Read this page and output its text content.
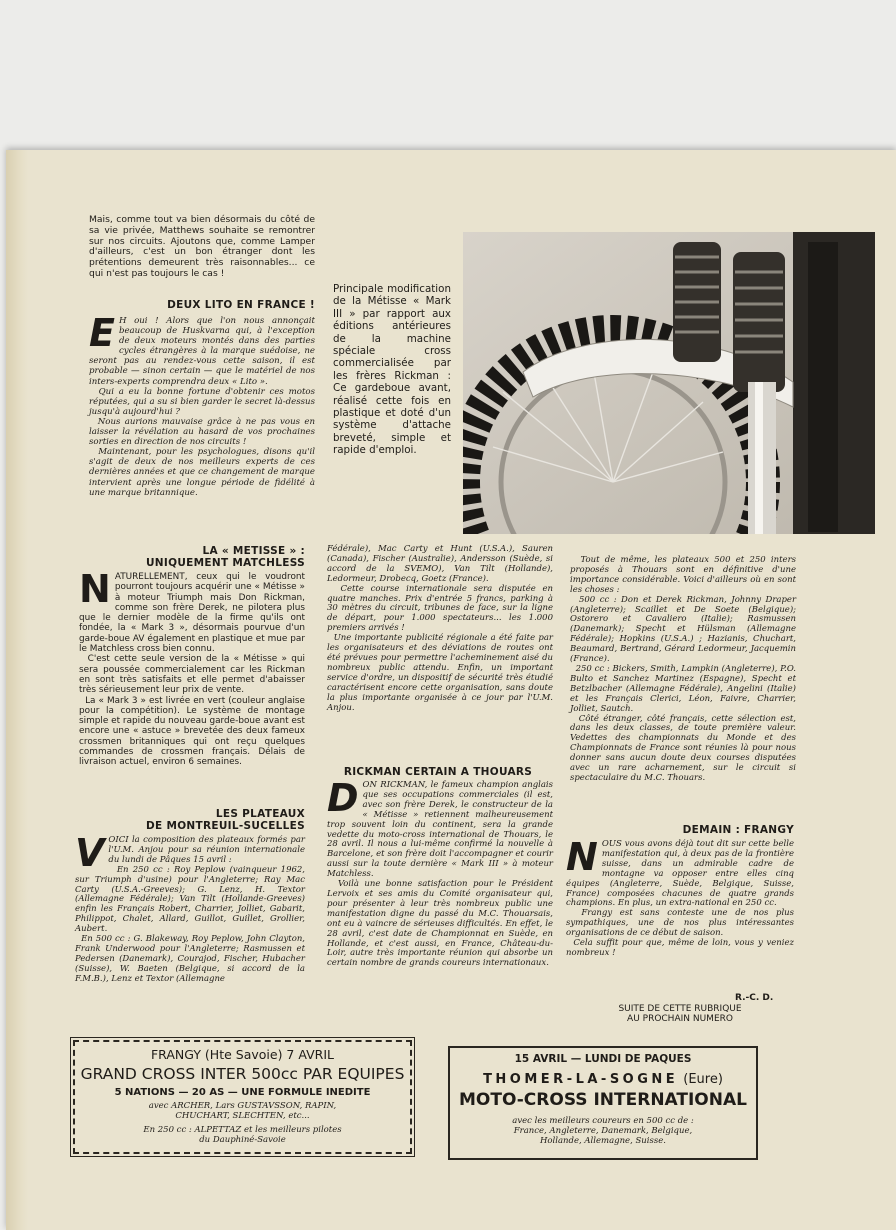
Mais, comme tout va bien désormais du côté de sa vie privée, Matthews souhaite se remontrer sur nos circuits. Ajoutons que, comme Lamper d'ailleurs, c'est un bon étranger dont les prétentions demeurent très raisonnables... ce qui n'est pas toujours le cas !
DEUX LITO EN FRANCE !
E H oui ! Alors que l'on nous annonçait beaucoup de Huskvarna qui, à l'exception de deux moteurs montés dans des parties cycles étrangères à la marque suédoise, ne seront pas au rendez-vous cette saison, il est probable — sinon certain — que le matériel de nos inters-experts comprendra deux « Lito ».
Qui a eu la bonne fortune d'obtenir ces motos réputées, qui a su si bien garder le secret là-dessus jusqu'à aujourd'hui ?
Nous aurions mauvaise grâce à ne pas vous en laisser la révélation au hasard de vos prochaines sorties en direction de nos circuits !
Maintenant, pour les psychologues, disons qu'il s'agit de deux de nos meilleurs experts de ces dernières années et que ce changement de marque intervient après une longue période de fidélité à une marque britannique.
Principale modification de la Métisse « Mark III » par rapport aux éditions antérieures de la machine spéciale cross commercialisée par les frères Rickman : Ce gardeboue avant, réalisé cette fois en plastique et doté d'un système d'attache breveté, simple et rapide d'emploi.
LA « METISSE » :
UNIQUEMENT MATCHLESS
N ATURELLEMENT, ceux qui le voudront pourront toujours acquérir une « Métisse » à moteur Triumph mais Don Rickman, comme son frère Derek, ne pilotera plus que le dernier modèle de la firme qu'ils ont fondée, la « Mark 3 », désormais pourvue d'un garde-boue AV également en plastique et mue par le Matchless cross bien connu.
C'est cette seule version de la « Métisse » qui sera poussée commercialement car les Rickman en sont très satisfaits et elle permet d'abaisser très sérieusement leur prix de vente.
La « Mark 3 » est livrée en vert (couleur anglaise pour la compétition). Le système de montage simple et rapide du nouveau garde-boue avant est encore une « astuce » brevetée des deux fameux crossmen britanniques qui ont reçu quelques commandes de crossmen français. Délais de livraison actuel, environ 6 semaines.
LES PLATEAUX
DE MONTREUIL-SUCELLES
V OICI la composition des plateaux formés par l'U.M. Anjou pour sa réunion internationale du lundi de Pâques 15 avril :
En 250 cc : Roy Peplow (vainqueur 1962, sur Triumph d'usine) pour l'Angleterre; Ray Mac Carty (U.S.A.-Greeves); G. Lenz, H. Textor (Allemagne Fédérale); Van Tilt (Hollande-Greeves) enfin les Français Robert, Charrier, Jolliet, Gabarit, Philippot, Chalet, Allard, Guillot, Guillet, Grollier, Aubert.
En 500 cc : G. Blakeway, Roy Peplow, John Clayton, Frank Underwood pour l'Angleterre; Rasmussen et Pedersen (Danemark), Courajod, Fischer, Hubacher (Suisse), W. Baeten (Belgique, si accord de la F.M.B.), Lenz et Textor (Allemagne
Fédérale), Mac Carty et Hunt (U.S.A.), Sauren (Canada), Fischer (Australie), Andersson (Suède, si accord de la SVEMO), Van Tilt (Hollande), Ledormeur, Drobecq, Goetz (France).
Cette course internationale sera disputée en quatre manches. Prix d'entrée 5 francs, parking à 30 mètres du circuit, tribunes de face, sur la ligne de départ, pour 1.000 spectateurs... les 1.000 premiers arrivés !
Une importante publicité régionale a été faite par les organisateurs et des déviations de routes ont été prévues pour permettre l'acheminement aisé du nombreux public attendu. Enfin, un important service d'ordre, un dispositif de sécurité très étudié caractérisent encore cette organisation, sans doute la plus importante organisée à ce jour par l'U.M. Anjou.
RICKMAN CERTAIN A THOUARS
D ON RICKMAN, le fameux champion anglais que ses occupations commerciales (il est, avec son frère Derek, le constructeur de la « Métisse » retiennent malheureusement trop souvent loin du continent, sera la grande vedette du moto-cross international de Thouars, le 28 avril. Il nous a lui-même confirmé la nouvelle à Barcelone, et son frère doit l'accompagner et courir aussi sur la toute dernière « Mark III » à moteur Matchless.
Voilà une bonne satisfaction pour le Président Lervoix et ses amis du Comité organisateur qui, pour présenter à leur très nombreux public une manifestation digne du passé du M.C. Thouarsais, ont eu à vaincre de sérieuses difficultés. En effet, le 28 avril, c'est date de Championnat en Suède, en Hollande, et c'est aussi, en France, Château-du-Loir, autre très importante réunion qui absorbe un certain nombre de grands coureurs internationaux.
Tout de même, les plateaux 500 et 250 inters proposés à Thouars sont en définitive d'une importance considérable. Voici d'ailleurs où en sont les choses :
500 cc : Don et Derek Rickman, Johnny Draper (Angleterre); Scaillet et De Soete (Belgique); Ostorero et Cavaliero (Italie); Rasmussen (Danemark); Specht et Hülsman (Allemagne Fédérale); Hopkins (U.S.A.) ; Hazianis, Chuchart, Beaumard, Bertrand, Gérard Ledormeur, Jacquemin (France).
250 cc : Bickers, Smith, Lampkin (Angleterre), P.O. Bulto et Sanchez Martinez (Espagne), Specht et Betzlbacher (Allemagne Fédérale), Angelini (Italie) et les Français Clerici, Léon, Faivre, Charrier, Jolliet, Sautch.
Côté étranger, côté français, cette sélection est, dans les deux classes, de toute première valeur. Vedettes des championnats du Monde et des Championnats de France sont réunies là pour nous donner sans aucun doute deux courses disputées avec un rare acharnement, sur le circuit si spectaculaire du M.C. Thouars.
DEMAIN : FRANGY
N OUS vous avons déjà tout dit sur cette belle manifestation qui, à deux pas de la frontière suisse, dans un admirable cadre de montagne va opposer entre elles cinq équipes (Angleterre, Suède, Belgique, Suisse, France) composées chacunes de quatre grands champions. En plus, un extra-national en 250 cc.
Frangy est sans conteste une de nos plus sympathiques, une de nos plus intéressantes organisations de ce début de saison.
Cela suffit pour que, même de loin, vous y veniez nombreux !
R.-C. D.
SUITE DE CETTE RUBRIQUE
AU PROCHAIN NUMERO
FRANGY (Hte Savoie) 7 AVRIL
GRAND CROSS INTER 500cc PAR EQUIPES
5 NATIONS — 20 AS — UNE FORMULE INEDITE
avec ARCHER, Lars GUSTAVSSON, RAPIN,
CHUCHART, SLECHTEN, etc...
En 250 cc : ALPETTAZ et les meilleurs pilotes
du Dauphiné-Savoie
15 AVRIL — LUNDI DE PAQUES
THOMER-LA-SOGNE (Eure)
MOTO-CROSS INTERNATIONAL
avec les meilleurs coureurs en 500 cc de :
France, Angleterre, Danemark, Belgique,
Hollande, Allemagne, Suisse.
